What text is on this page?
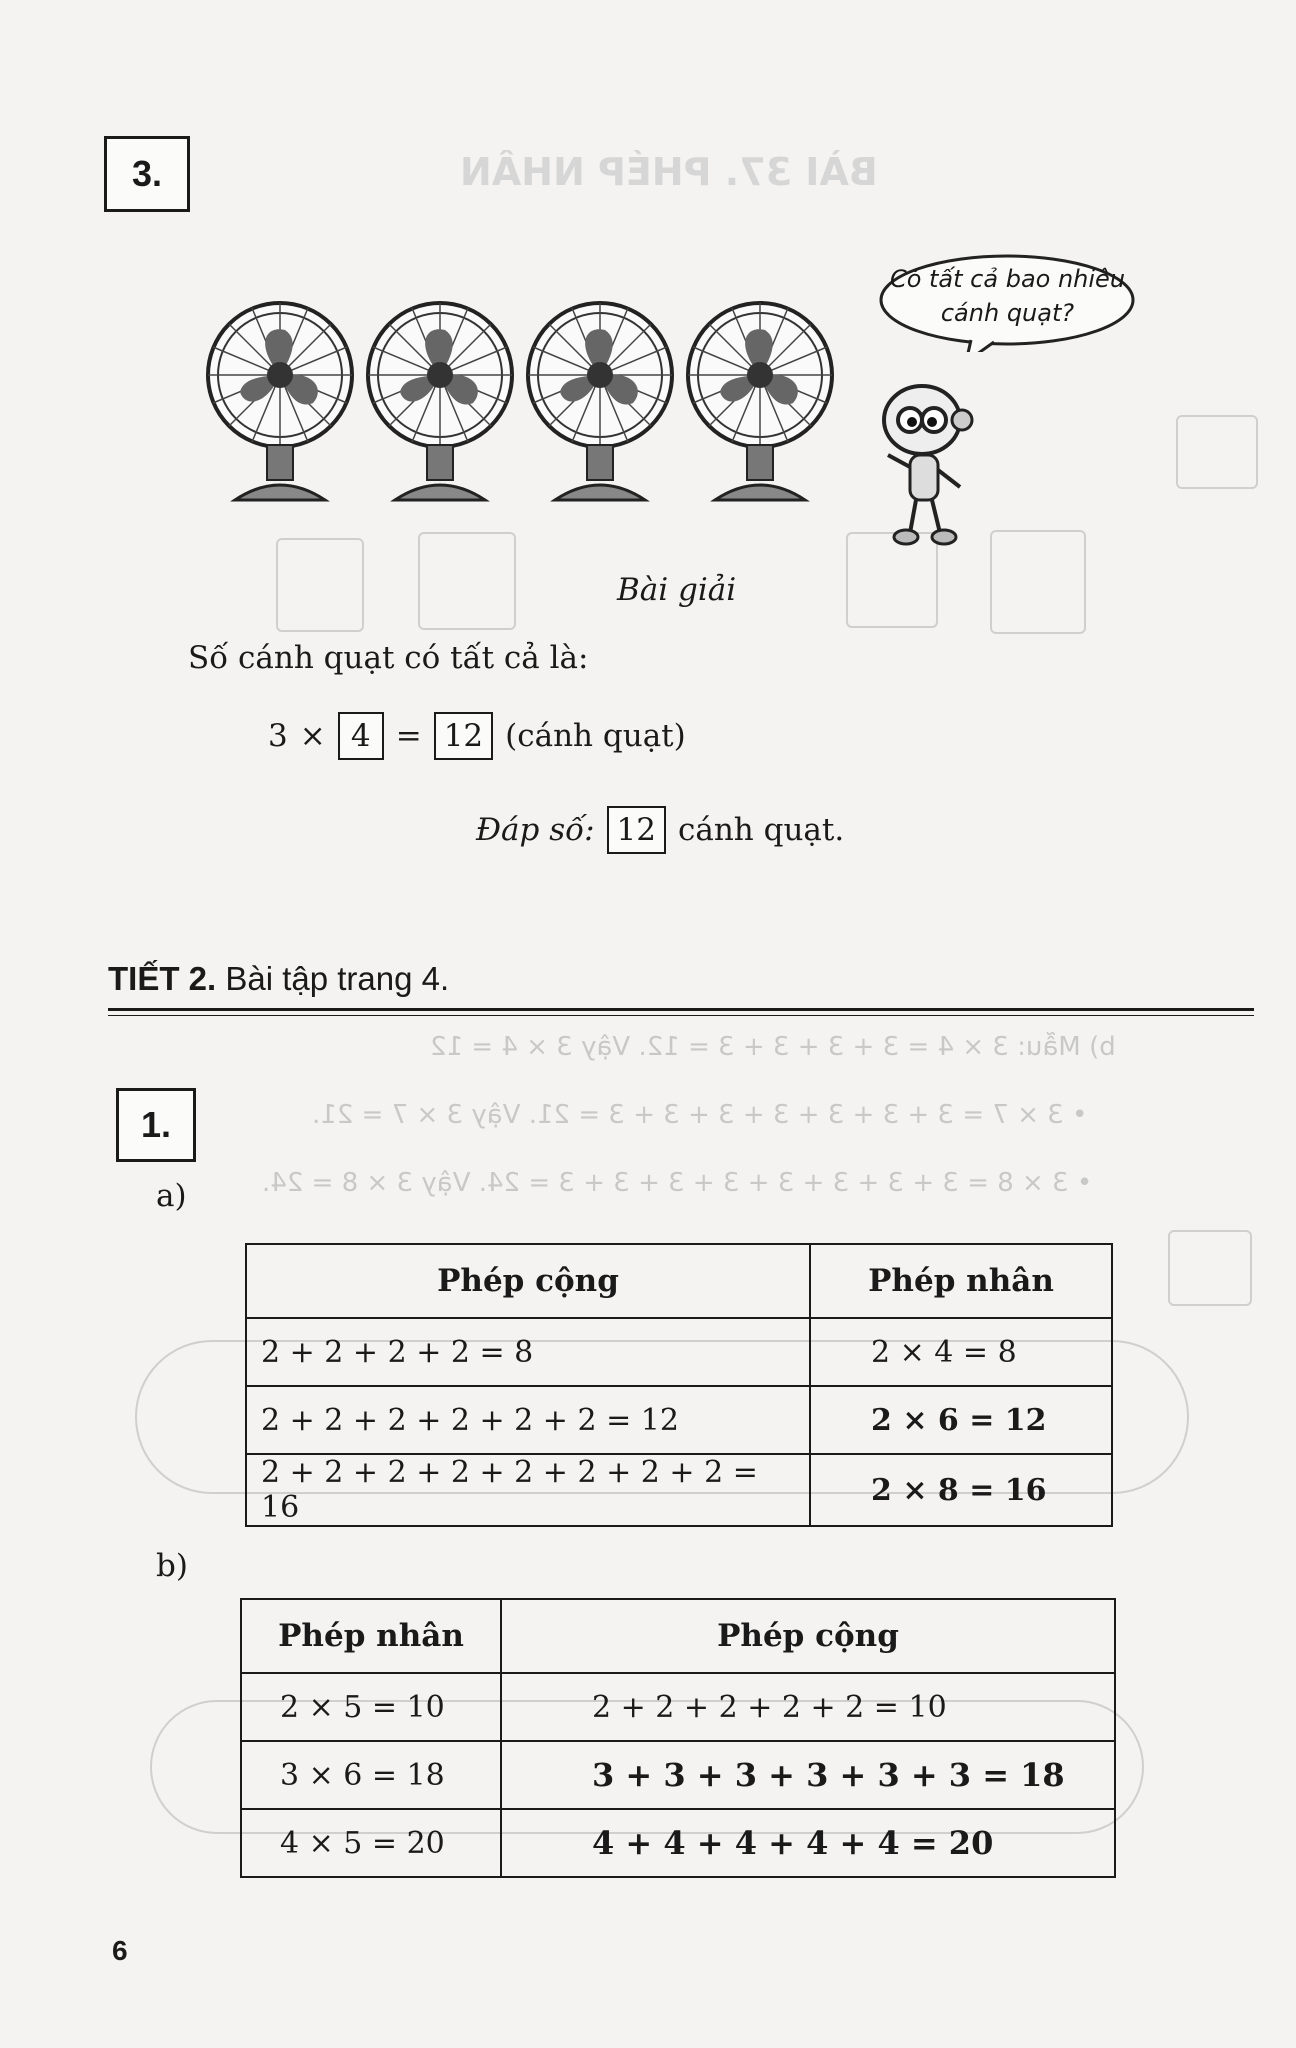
BÀI 37. PHÉP NHÂN
b) Mẫu: 3 × 4 = 3 + 3 + 3 + 3 = 12. Vậy 3 × 4 = 12
• 3 × 7 = 3 + 3 + 3 + 3 + 3 + 3 + 3 = 21. Vậy 3 × 7 = 21.
• 3 × 8 = 3 + 3 + 3 + 3 + 3 + 3 + 3 + 3 = 24. Vậy 3 × 8 = 24.
3.
Có tất cả bao nhiêu
cánh quạt?
Bài giải
Số cánh quạt có tất cả là:
3 × 4 = 12 (cánh quạt)
Đáp số: 12 cánh quạt.
TIẾT 2. Bài tập trang 4.
1.
a)
Phép cộng	Phép nhân
2 + 2 + 2 + 2 = 8	2 × 4 = 8
2 + 2 + 2 + 2 + 2 + 2 = 12	2 × 6 = 12
2 + 2 + 2 + 2 + 2 + 2 + 2 + 2 = 16	2 × 8 = 16
b)
Phép nhân	Phép cộng
2 × 5 = 10	2 + 2 + 2 + 2 + 2 = 10
3 × 6 = 18	3 + 3 + 3 + 3 + 3 + 3 = 18
4 × 5 = 20	4 + 4 + 4 + 4 + 4 = 20
6
